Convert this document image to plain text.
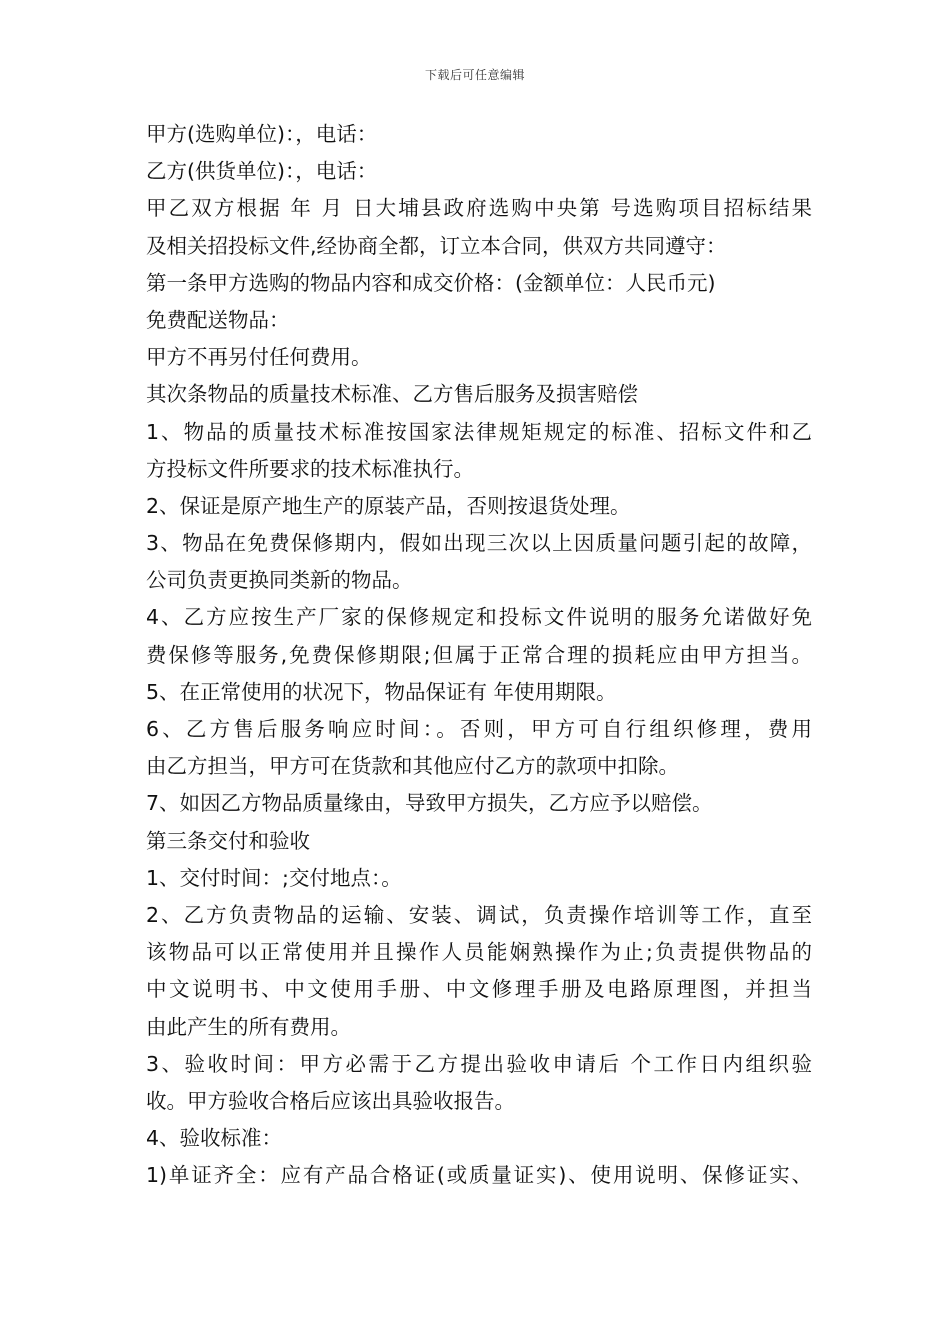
下载后可任意编辑
甲方(选购单位)：，电话：
乙方(供货单位)：，电话：
甲乙双方根据 年 月 日大埔县政府选购中央第 号选购项目招标结果
及相关招投标文件,经协商全都，订立本合同，供双方共同遵守：
第一条甲方选购的物品内容和成交价格：(金额单位：人民币元)
免费配送物品：
甲方不再另付任何费用。
其次条物品的质量技术标准、乙方售后服务及损害赔偿
1、物品的质量技术标准按国家法律规矩规定的标准、招标文件和乙
方投标文件所要求的技术标准执行。
2、保证是原产地生产的原装产品，否则按退货处理。
3、物品在免费保修期内，假如出现三次以上因质量问题引起的故障，
公司负责更换同类新的物品。
4、乙方应按生产厂家的保修规定和投标文件说明的服务允诺做好免
费保修等服务,免费保修期限;但属于正常合理的损耗应由甲方担当。
5、在正常使用的状况下，物品保证有 年使用期限。
6、乙方售后服务响应时间：。否则，甲方可自行组织修理，费用
由乙方担当，甲方可在货款和其他应付乙方的款项中扣除。
7、如因乙方物品质量缘由，导致甲方损失，乙方应予以赔偿。
第三条交付和验收
1、交付时间：;交付地点：。
2、乙方负责物品的运输、安装、调试，负责操作培训等工作，直至
该物品可以正常使用并且操作人员能娴熟操作为止;负责提供物品的
中文说明书、中文使用手册、中文修理手册及电路原理图，并担当
由此产生的所有费用。
3、验收时间：甲方必需于乙方提出验收申请后 个工作日内组织验
收。甲方验收合格后应该出具验收报告。
4、验收标准：
1)单证齐全：应有产品合格证(或质量证实)、使用说明、保修证实、
